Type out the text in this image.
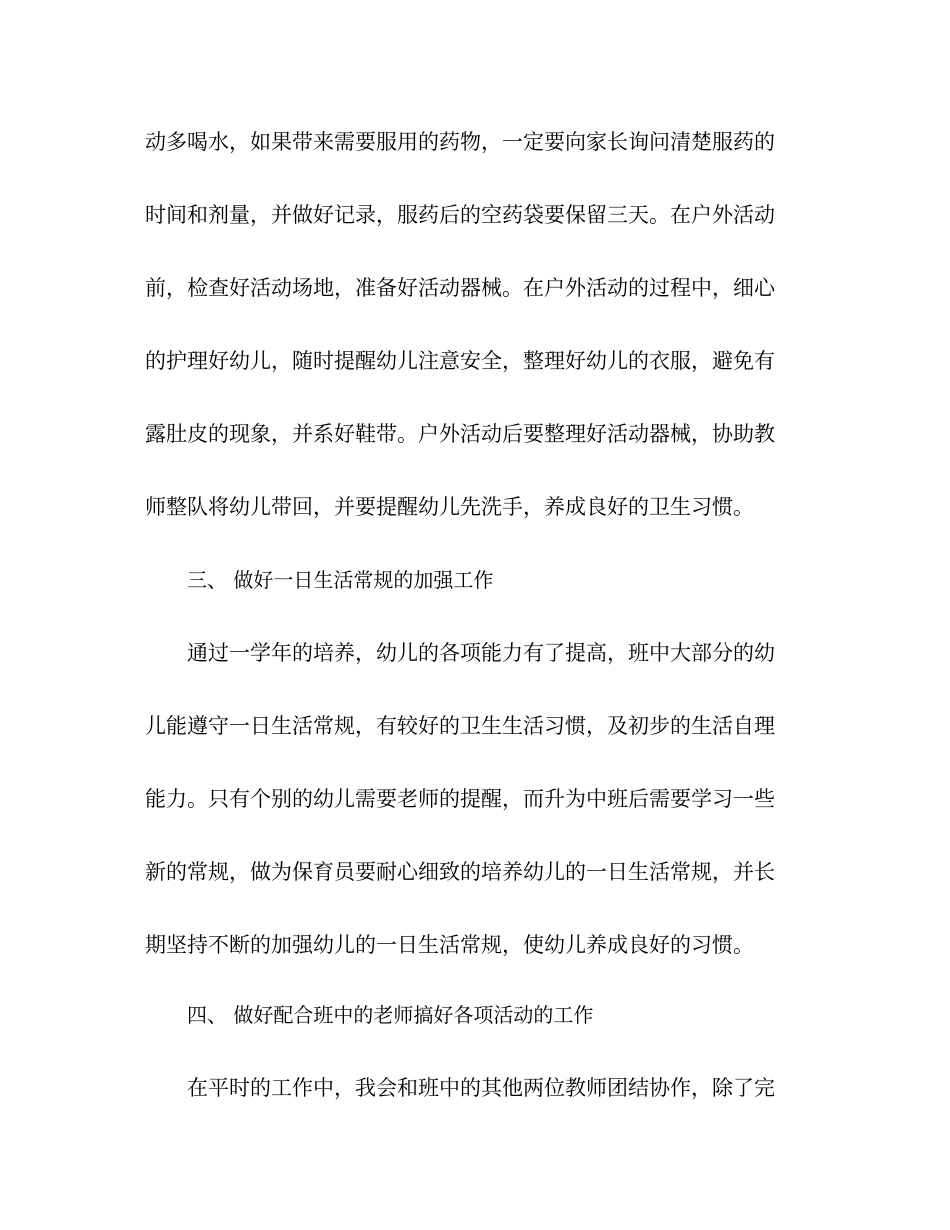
动多喝水，如果带来需要服用的药物，一定要向家长询问清楚服药的
时间和剂量，并做好记录，服药后的空药袋要保留三天。在户外活动
前，检查好活动场地，准备好活动器械。在户外活动的过程中，细心
的护理好幼儿，随时提醒幼儿注意安全，整理好幼儿的衣服，避免有
露肚皮的现象，并系好鞋带。户外活动后要整理好活动器械，协助教
师整队将幼儿带回，并要提醒幼儿先洗手，养成良好的卫生习惯。
三、 做好一日生活常规的加强工作
通过一学年的培养，幼儿的各项能力有了提高，班中大部分的幼
儿能遵守一日生活常规，有较好的卫生生活习惯，及初步的生活自理
能力。只有个别的幼儿需要老师的提醒，而升为中班后需要学习一些
新的常规，做为保育员要耐心细致的培养幼儿的一日生活常规，并长
期坚持不断的加强幼儿的一日生活常规，使幼儿养成良好的习惯。
四、 做好配合班中的老师搞好各项活动的工作
在平时的工作中，我会和班中的其他两位教师团结协作，除了完
